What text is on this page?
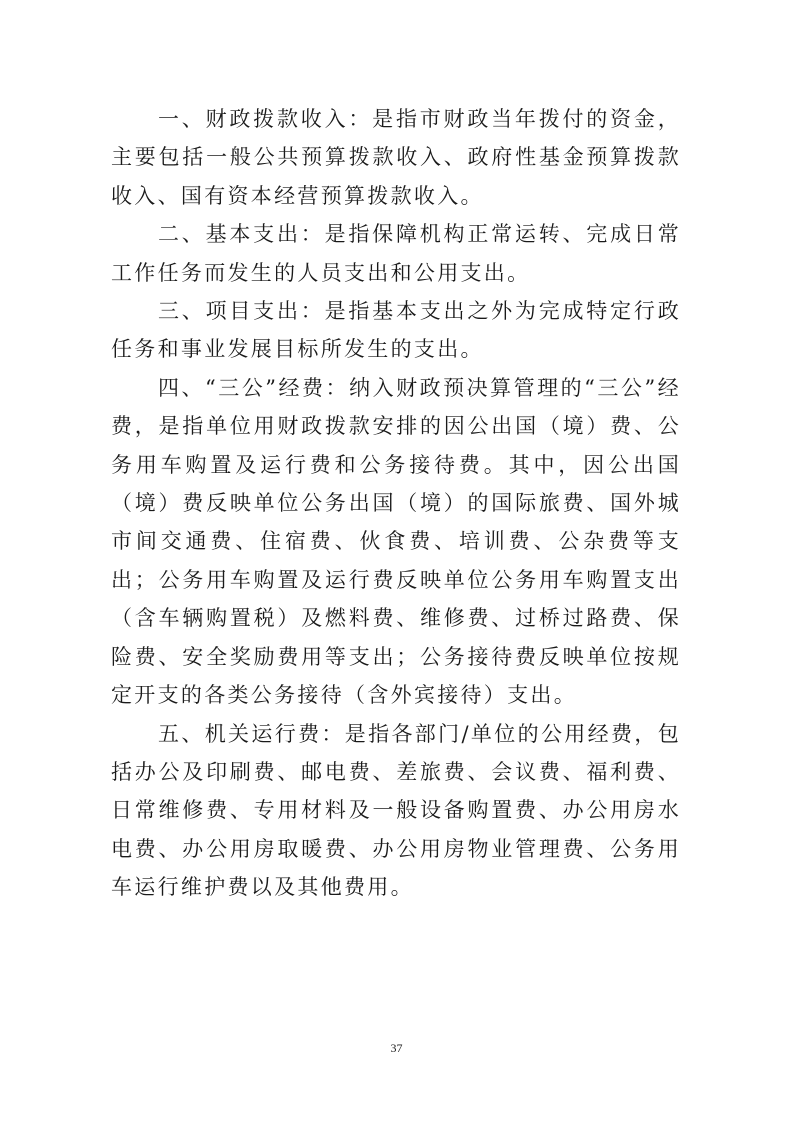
一、财政拨款收入：是指市财政当年拨付的资金，主要包括一般公共预算拨款收入、政府性基金预算拨款收入、国有资本经营预算拨款收入。

二、基本支出：是指保障机构正常运转、完成日常工作任务而发生的人员支出和公用支出。

三、项目支出：是指基本支出之外为完成特定行政任务和事业发展目标所发生的支出。

四、“三公”经费：纳入财政预决算管理的“三公”经费，是指单位用财政拨款安排的因公出国（境）费、公务用车购置及运行费和公务接待费。其中，因公出国（境）费反映单位公务出国（境）的国际旅费、国外城市间交通费、住宿费、伙食费、培训费、公杂费等支出；公务用车购置及运行费反映单位公务用车购置支出（含车辆购置税）及燃料费、维修费、过桥过路费、保险费、安全奖励费用等支出；公务接待费反映单位按规定开支的各类公务接待（含外宾接待）支出。

五、机关运行费：是指各部门/单位的公用经费，包括办公及印刷费、邮电费、差旅费、会议费、福利费、日常维修费、专用材料及一般设备购置费、办公用房水电费、办公用房取暖费、办公用房物业管理费、公务用车运行维护费以及其他费用。

37
